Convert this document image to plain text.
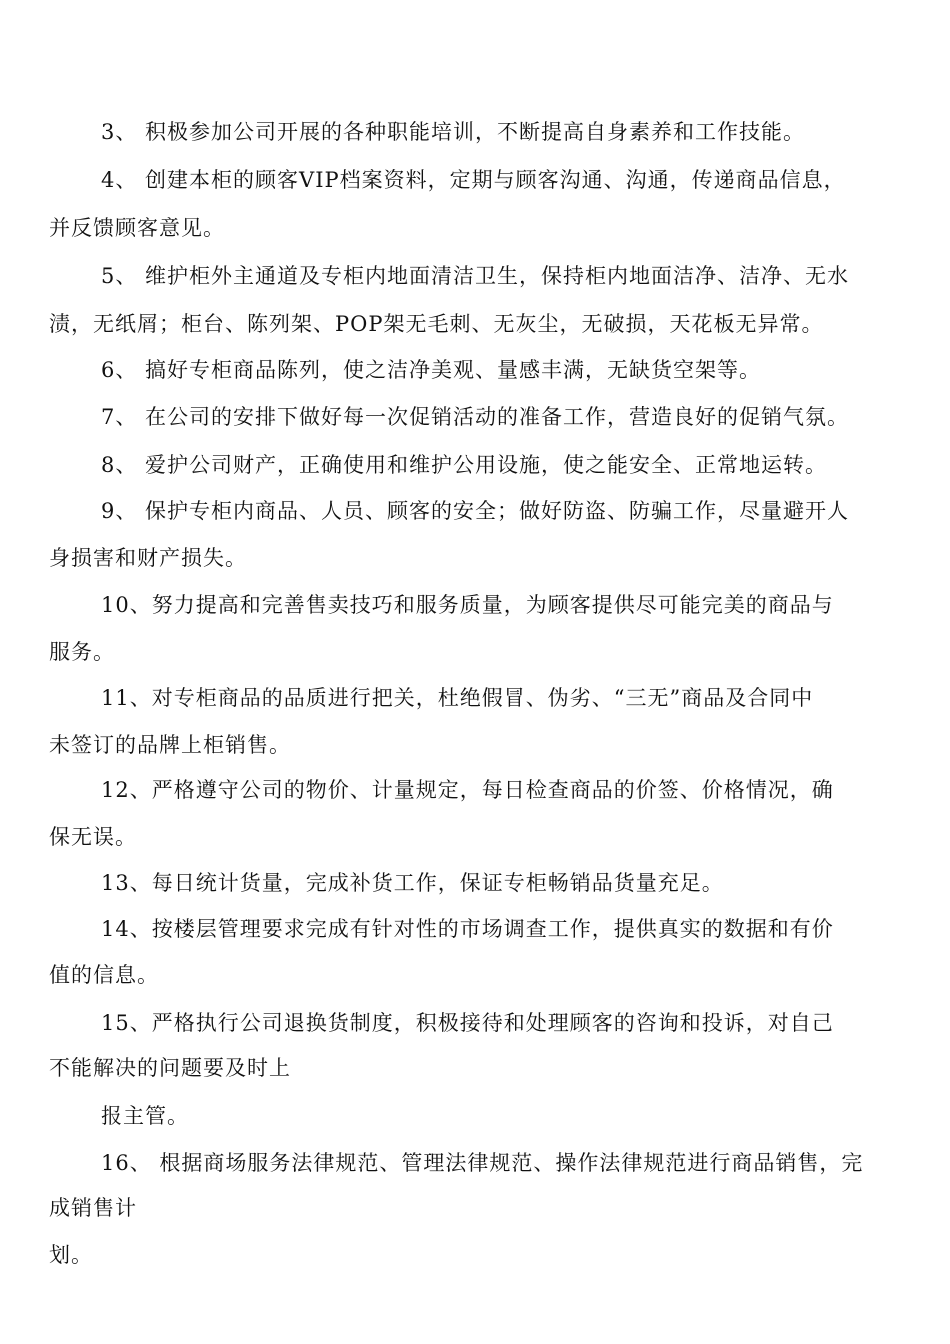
3、 积极参加公司开展的各种职能培训，不断提高自身素养和工作技能。
4、 创建本柜的顾客VIP档案资料，定期与顾客沟通、沟通，传递商品信息，
并反馈顾客意见。
5、 维护柜外主通道及专柜内地面清洁卫生，保持柜内地面洁净、洁净、无水
渍，无纸屑；柜台、陈列架、POP架无毛刺、无灰尘，无破损，天花板无异常。
6、 搞好专柜商品陈列，使之洁净美观、量感丰满，无缺货空架等。
7、 在公司的安排下做好每一次促销活动的准备工作，营造良好的促销气氛。
8、 爱护公司财产，正确使用和维护公用设施，使之能安全、正常地运转。
9、 保护专柜内商品、人员、顾客的安全；做好防盗、防骗工作，尽量避开人
身损害和财产损失。
10、努力提高和完善售卖技巧和服务质量，为顾客提供尽可能完美的商品与
服务。
11、对专柜商品的品质进行把关，杜绝假冒、伪劣、“三无”商品及合同中
未签订的品牌上柜销售。
12、严格遵守公司的物价、计量规定，每日检查商品的价签、价格情况，确
保无误。
13、每日统计货量，完成补货工作，保证专柜畅销品货量充足。
14、按楼层管理要求完成有针对性的市场调查工作，提供真实的数据和有价
值的信息。
15、严格执行公司退换货制度，积极接待和处理顾客的咨询和投诉，对自己
不能解决的问题要及时上
报主管。
16、 根据商场服务法律规范、管理法律规范、操作法律规范进行商品销售，完
成销售计
划。
